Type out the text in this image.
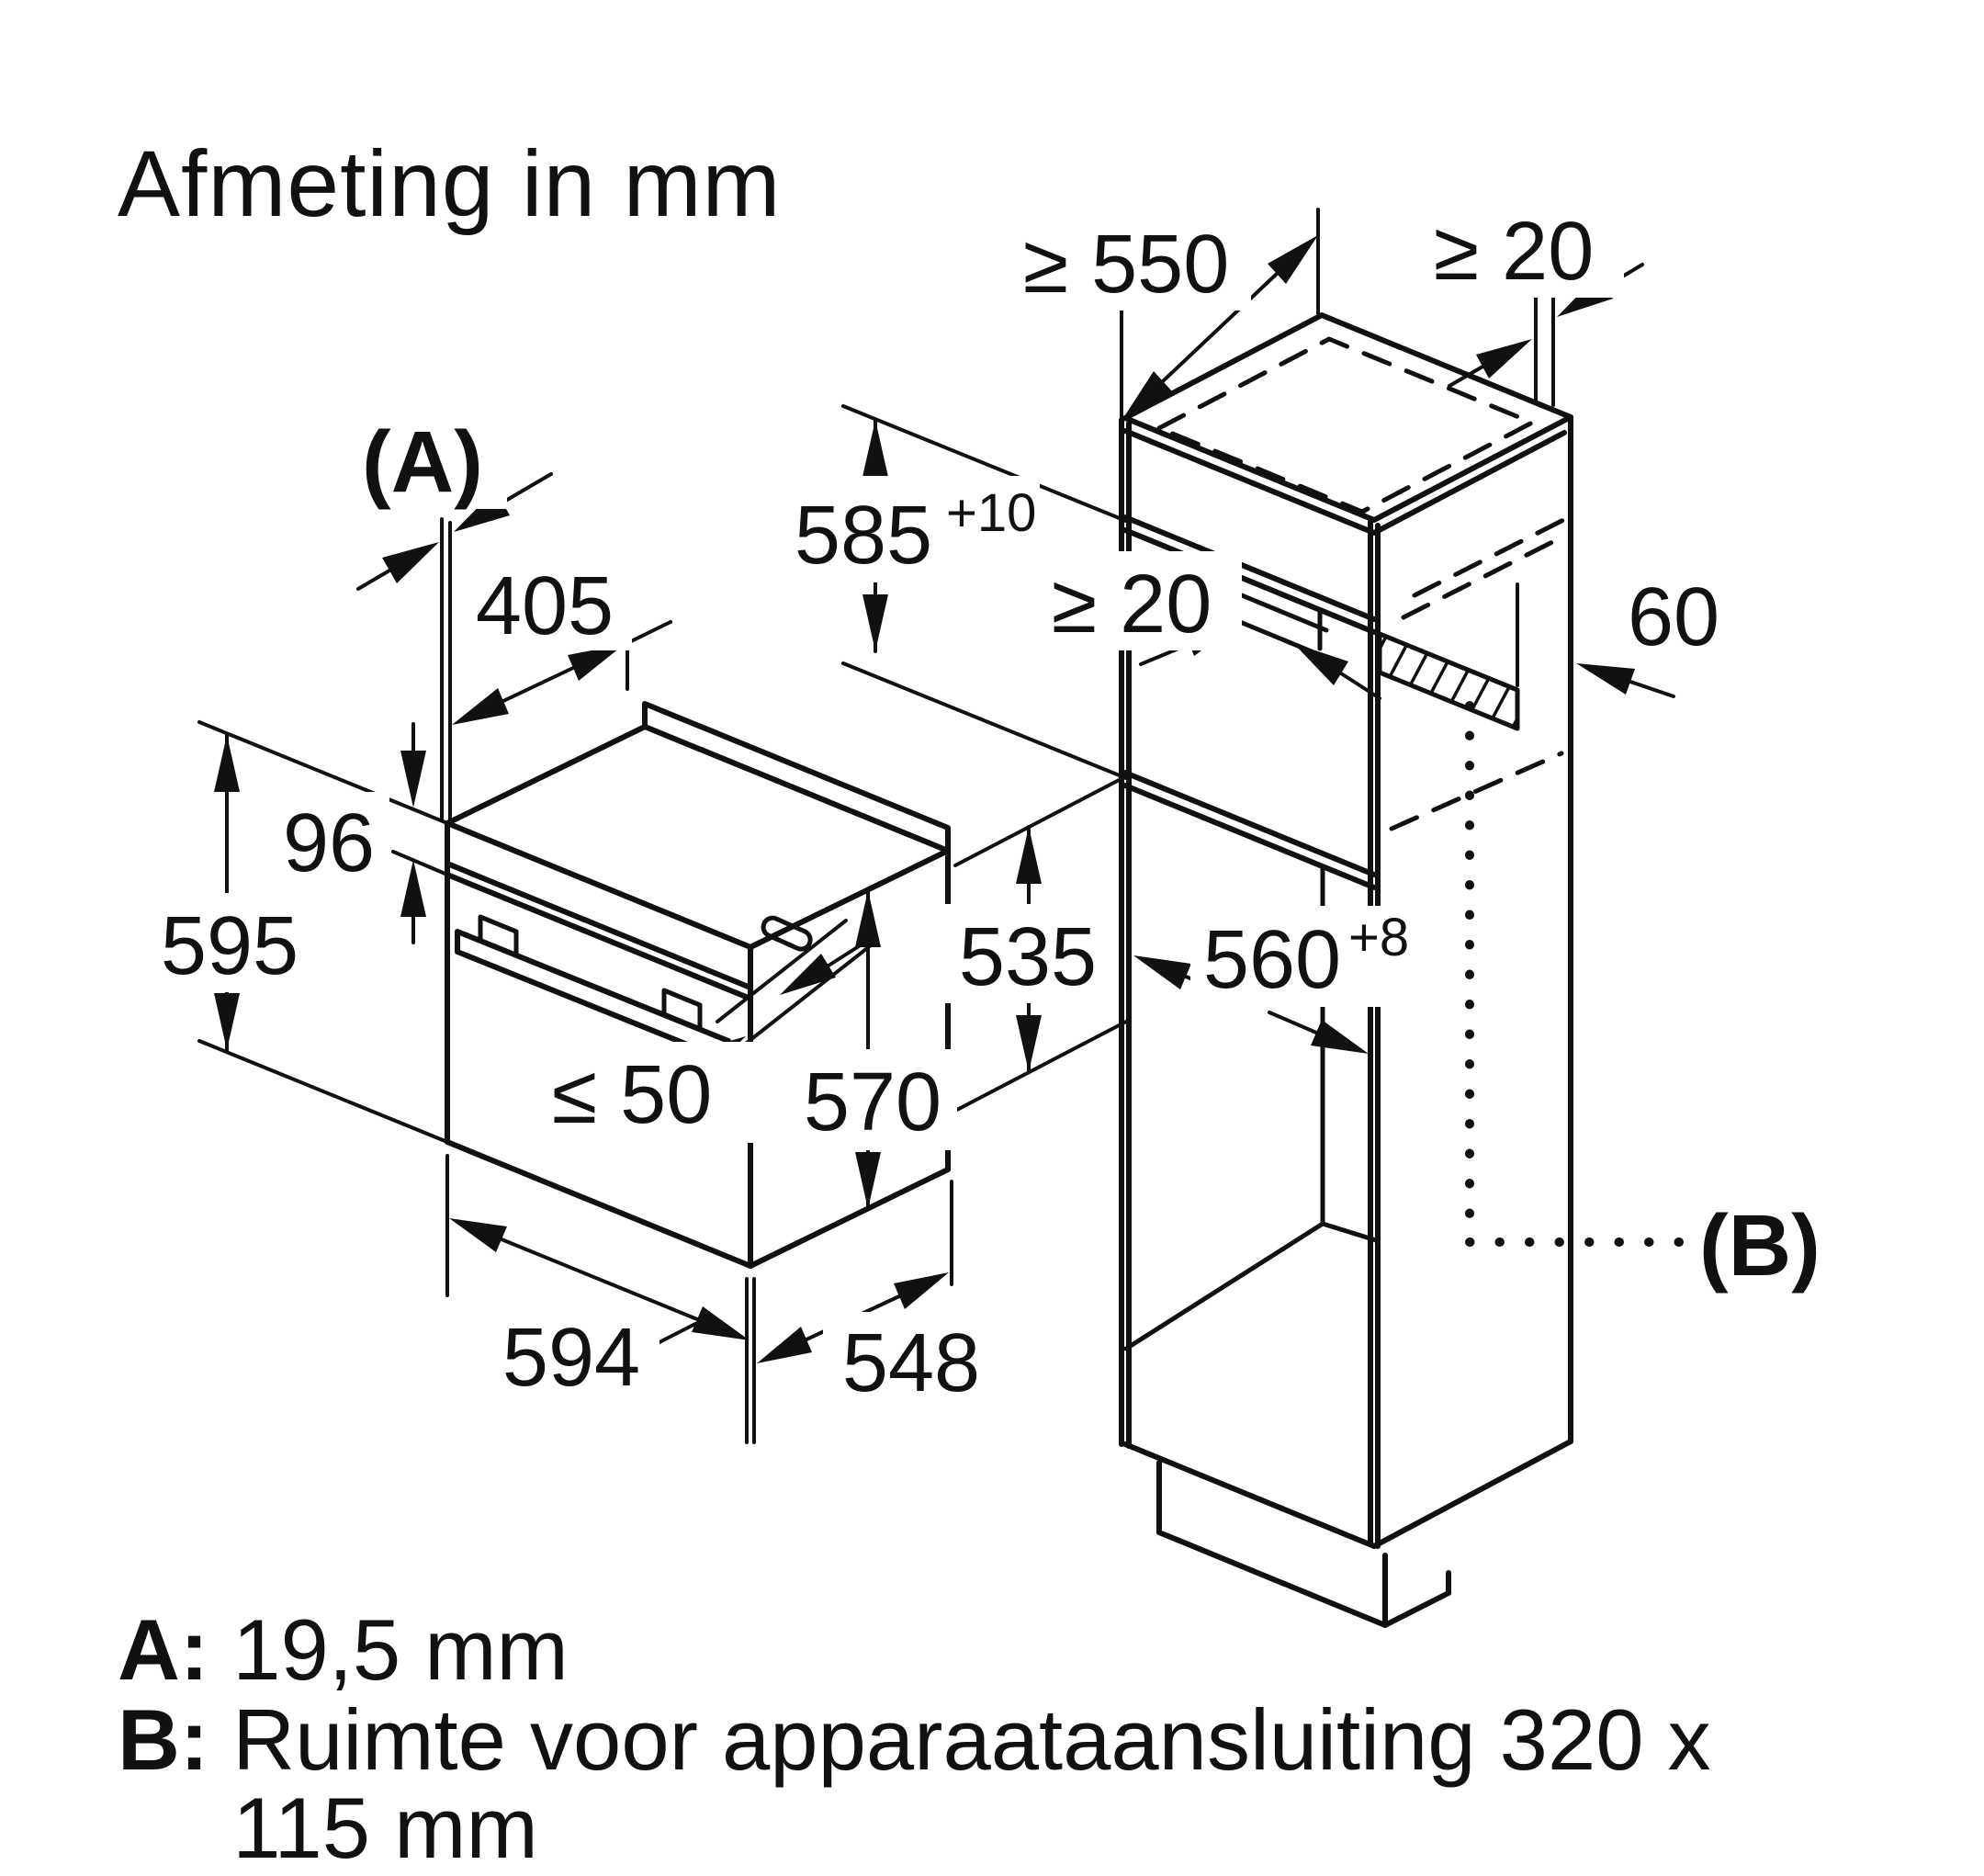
Afmeting in mm
(A)
405
96
595
≤ 50 570
594 548
≥ 550 ≥ 20
585 +10
≥ 20	60
535 560 +8
(B)
A: 19,5 mm
B: Ruimte voor apparaataansluiting 320 x
115 mm
